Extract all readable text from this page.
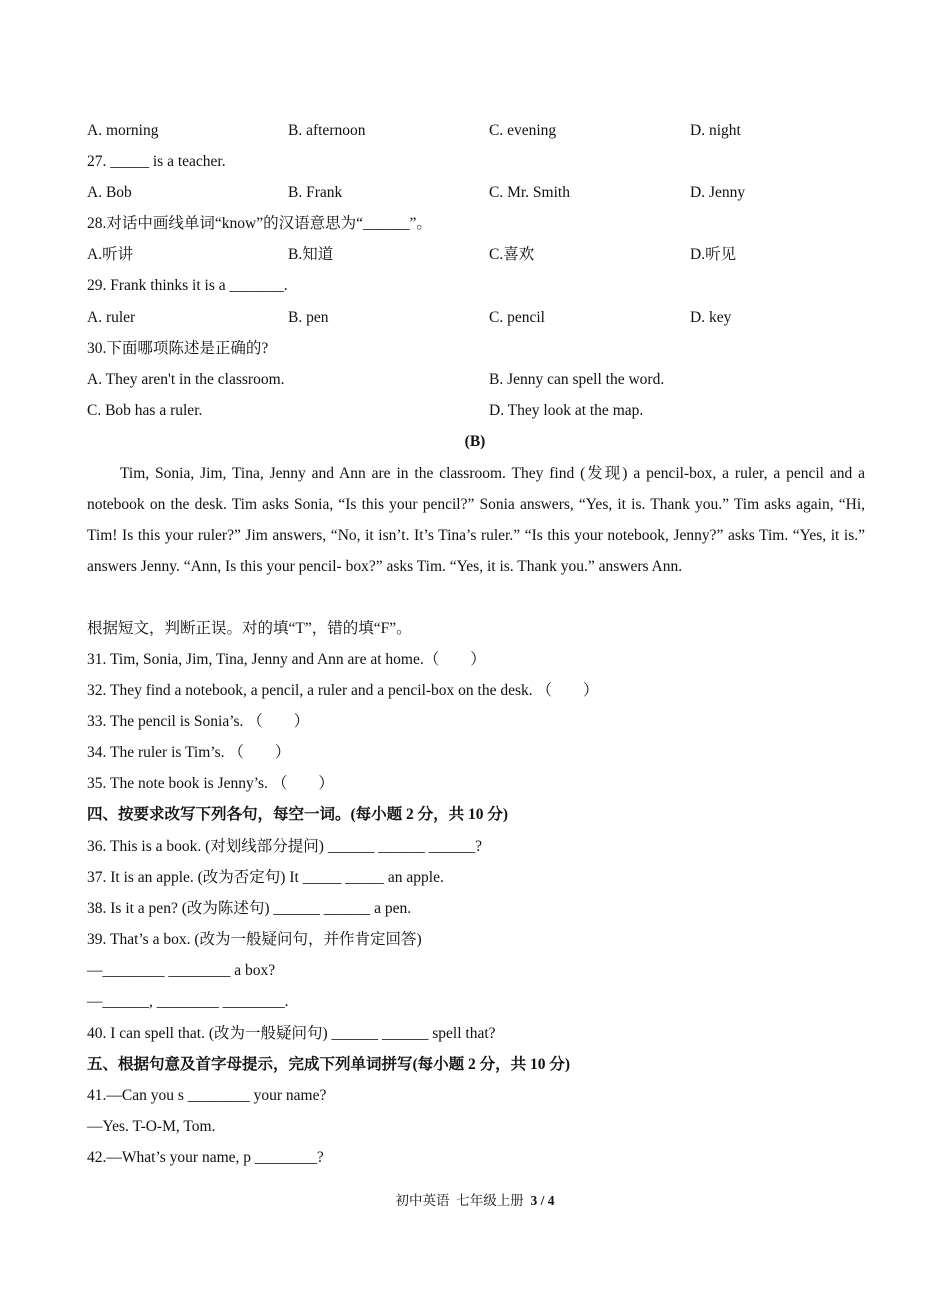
A. morning	B. afternoon	C. evening	D. night
27. _____ is a teacher.
A. Bob	B. Frank	C. Mr. Smith	D. Jenny
28.对话中画线单词“know”的汉语意思为“______”。
A.听讲	B.知道	C.喜欢	D.听见
29. Frank thinks it is a _______.
A. ruler	B. pen	C. pencil	D. key
30.下面哪项陈述是正确的?
A. They aren't in the classroom.	B. Jenny can spell the word.
C. Bob has a ruler.	D. They look at the map.
(B)
Tim, Sonia, Jim, Tina, Jenny and Ann are in the classroom. They find (发现) a pencil-box, a ruler, a pencil and a notebook on the desk. Tim asks Sonia, “Is this your pencil?” Sonia answers, “Yes, it is. Thank you.” Tim asks again, “Hi, Tim! Is this your ruler?” Jim answers, “No, it isn’t. It’s Tina’s ruler.” “Is this your notebook, Jenny?” asks Tim. “Yes, it is.” answers Jenny. “Ann, Is this your pencil- box?” asks Tim. “Yes, it is. Thank you.” answers Ann.
根据短文，判断正误。对的填“T”，错的填“F”。
31. Tim, Sonia, Jim, Tina, Jenny and Ann are at home.（　　）
32. They find a notebook, a pencil, a ruler and a pencil-box on the desk. （　　）
33. The pencil is Sonia’s. （　　）
34. The ruler is Tim’s. （　　）
35. The note book is Jenny’s. （　　）
四、按要求改写下列各句，每空一词。(每小题 2 分，共 10 分)
36. This is a book. (对划线部分提问) ______ ______ ______?
37. It is an apple. (改为否定句) It _____ _____ an apple.
38. Is it a pen? (改为陈述句) ______ ______ a pen.
39. That’s a box. (改为一般疑问句，并作肯定回答)
—________ ________ a box?
—______, ________ ________.
40. I can spell that. (改为一般疑问句) ______ ______ spell that?
五、根据句意及首字母提示，完成下列单词拼写(每小题 2 分，共 10 分)
41.—Can you s ________ your name?
—Yes. T-O-M, Tom.
42.—What’s your name, p ________?
初中英语  七年级上册  3 / 4
